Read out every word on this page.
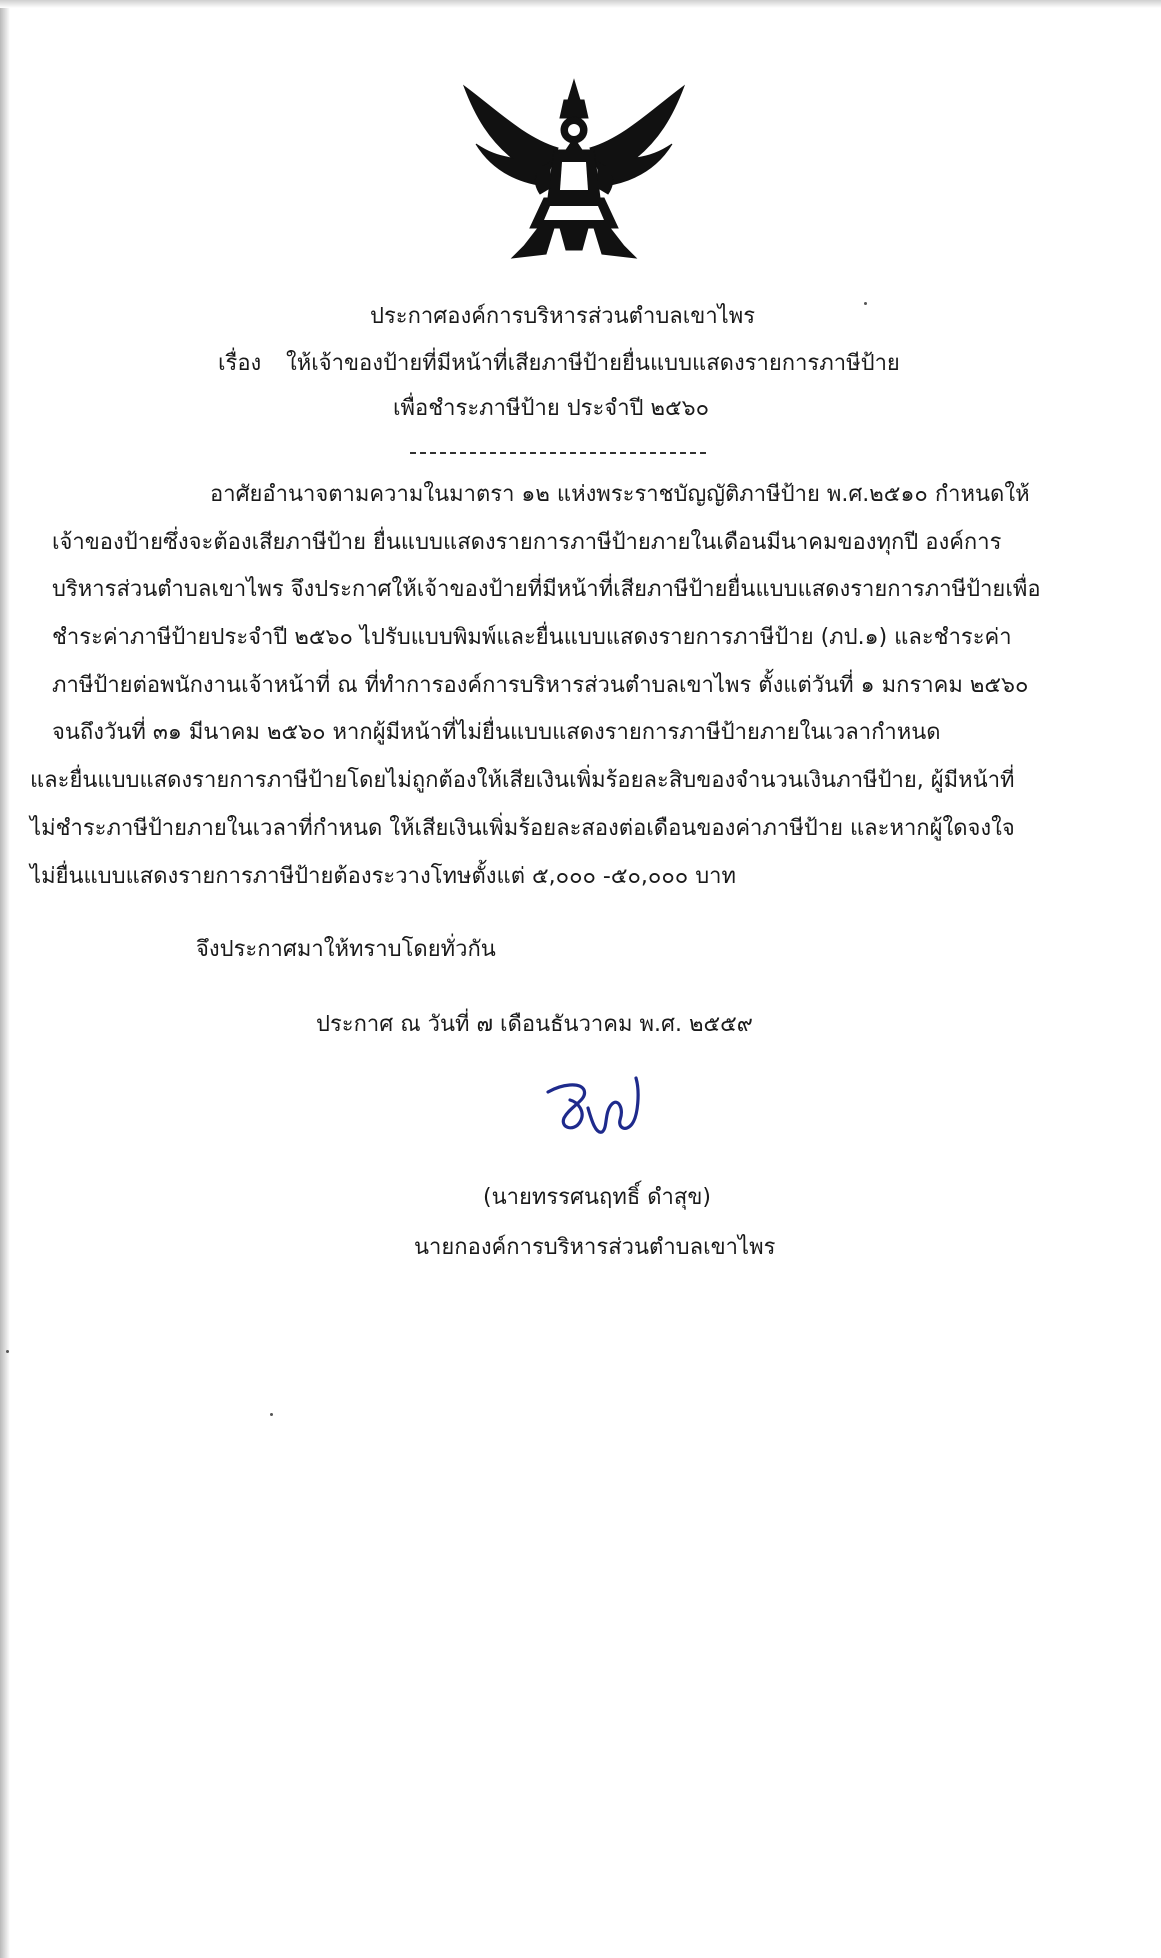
ประกาศองค์การบริหารส่วนตำบลเขาไพร
เรื่อง ให้เจ้าของป้ายที่มีหน้าที่เสียภาษีป้ายยื่นแบบแสดงรายการภาษีป้าย
เพื่อชำระภาษีป้าย ประจำปี ๒๕๖๐
อาศัยอำนาจตามความในมาตรา ๑๒ แห่งพระราชบัญญัติภาษีป้าย พ.ศ.๒๕๑๐ กำหนดให้
เจ้าของป้ายซึ่งจะต้องเสียภาษีป้าย ยื่นแบบแสดงรายการภาษีป้ายภายในเดือนมีนาคมของทุกปี องค์การ
บริหารส่วนตำบลเขาไพร จึงประกาศให้เจ้าของป้ายที่มีหน้าที่เสียภาษีป้ายยื่นแบบแสดงรายการภาษีป้ายเพื่อ
ชำระค่าภาษีป้ายประจำปี ๒๕๖๐ ไปรับแบบพิมพ์และยื่นแบบแสดงรายการภาษีป้าย (ภป.๑) และชำระค่า
ภาษีป้ายต่อพนักงานเจ้าหน้าที่ ณ ที่ทำการองค์การบริหารส่วนตำบลเขาไพร ตั้งแต่วันที่ ๑ มกราคม ๒๕๖๐
จนถึงวันที่ ๓๑ มีนาคม ๒๕๖๐ หากผู้มีหน้าที่ไม่ยื่นแบบแสดงรายการภาษีป้ายภายในเวลากำหนด
และยื่นแบบแสดงรายการภาษีป้ายโดยไม่ถูกต้องให้เสียเงินเพิ่มร้อยละสิบของจำนวนเงินภาษีป้าย, ผู้มีหน้าที่
ไม่ชำระภาษีป้ายภายในเวลาที่กำหนด ให้เสียเงินเพิ่มร้อยละสองต่อเดือนของค่าภาษีป้าย และหากผู้ใดจงใจ
ไม่ยื่นแบบแสดงรายการภาษีป้ายต้องระวางโทษตั้งแต่ ๕,๐๐๐ -๕๐,๐๐๐ บาท
จึงประกาศมาให้ทราบโดยทั่วกัน
ประกาศ ณ วันที่ ๗ เดือนธันวาคม พ.ศ. ๒๕๕๙
(นายทรรศนฤทธิ์ ดำสุข)
นายกองค์การบริหารส่วนตำบลเขาไพร
